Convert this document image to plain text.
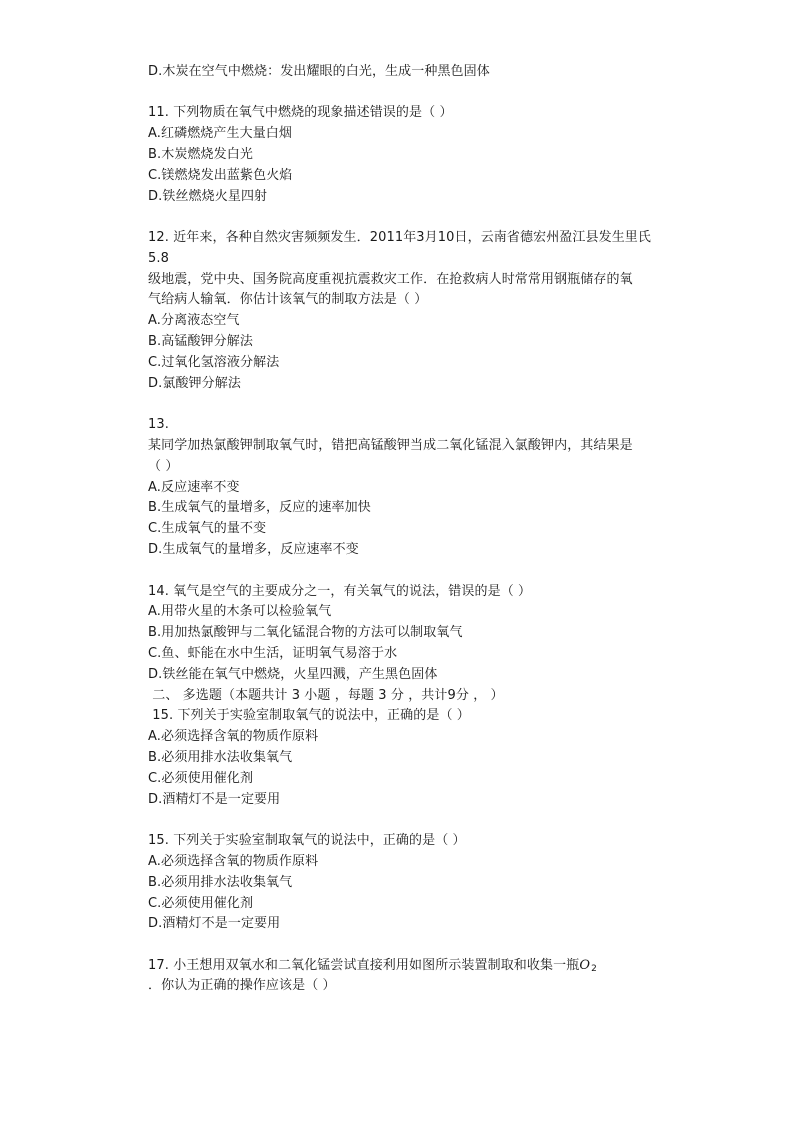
D.木炭在空气中燃烧：发出耀眼的白光，生成一种黑色固体
11. 下列物质在氧气中燃烧的现象描述错误的是（ ）
A.红磷燃烧产生大量白烟
B.木炭燃烧发白光
C.镁燃烧发出蓝紫色火焰
D.铁丝燃烧火星四射
12. 近年来，各种自然灾害频频发生．2011年3月10日，云南省德宏州盈江县发生里氏
5.8
级地震，党中央、国务院高度重视抗震救灾工作．在抢救病人时常常用钢瓶储存的氧
气给病人输氧．你估计该氧气的制取方法是（ ）
A.分离液态空气
B.高锰酸钾分解法
C.过氧化氢溶液分解法
D.氯酸钾分解法
13.
某同学加热氯酸钾制取氧气时，错把高锰酸钾当成二氧化锰混入氯酸钾内，其结果是
（ ）
A.反应速率不变
B.生成氧气的量增多，反应的速率加快
C.生成氧气的量不变
D.生成氧气的量增多，反应速率不变
14. 氧气是空气的主要成分之一，有关氧气的说法，错误的是（ ）
A.用带火星的木条可以检验氧气
B.用加热氯酸钾与二氧化锰混合物的方法可以制取氧气
C.鱼、虾能在水中生活，证明氧气易溶于水
D.铁丝能在氧气中燃烧，火星四溅，产生黑色固体
二、 多选题（本题共计 3 小题 ，每题 3 分 ，共计9分 ， ）
15. 下列关于实验室制取氧气的说法中，正确的是（ ）
A.必须选择含氧的物质作原料
B.必须用排水法收集氧气
C.必须使用催化剂
D.酒精灯不是一定要用
15. 下列关于实验室制取氧气的说法中，正确的是（ ）
A.必须选择含氧的物质作原料
B.必须用排水法收集氧气
C.必须使用催化剂
D.酒精灯不是一定要用
17. 小王想用双氧水和二氧化锰尝试直接利用如图所示装置制取和收集一瓶$O_2$
．你认为正确的操作应该是（ ）
